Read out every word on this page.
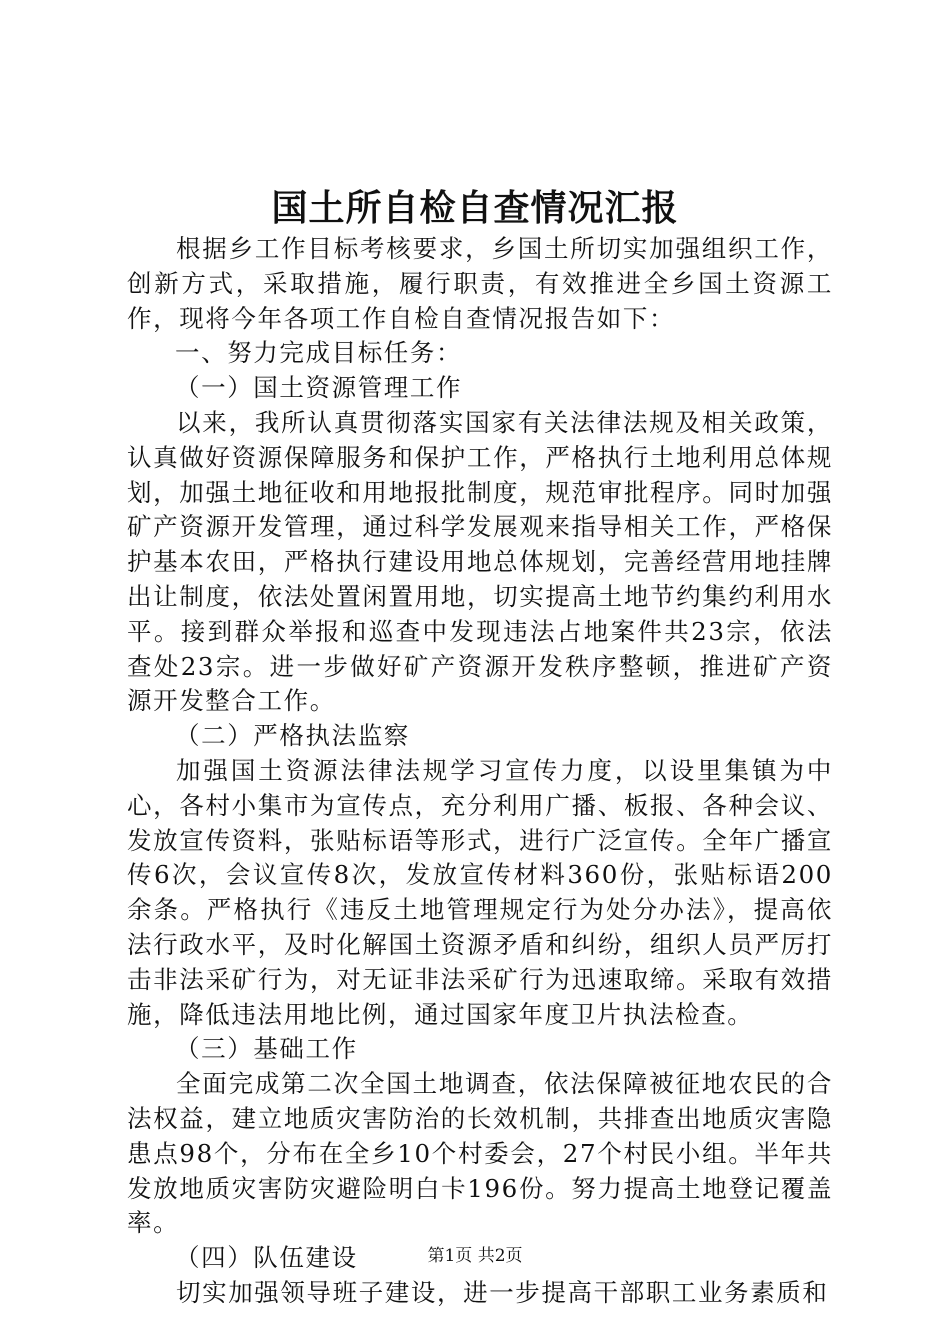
国土所自检自查情况汇报

根据乡工作目标考核要求，乡国土所切实加强组织工作，创新方式，采取措施，履行职责，有效推进全乡国土资源工作，现将今年各项工作自检自查情况报告如下：

一、努力完成目标任务：

（一）国土资源管理工作

以来，我所认真贯彻落实国家有关法律法规及相关政策，认真做好资源保障服务和保护工作，严格执行土地利用总体规划，加强土地征收和用地报批制度，规范审批程序。同时加强矿产资源开发管理，通过科学发展观来指导相关工作，严格保护基本农田，严格执行建设用地总体规划，完善经营用地挂牌出让制度，依法处置闲置用地，切实提高土地节约集约利用水平。接到群众举报和巡查中发现违法占地案件共23宗，依法查处23宗。进一步做好矿产资源开发秩序整顿，推进矿产资源开发整合工作。

（二）严格执法监察

加强国土资源法律法规学习宣传力度，以设里集镇为中心，各村小集市为宣传点，充分利用广播、板报、各种会议、发放宣传资料，张贴标语等形式，进行广泛宣传。全年广播宣传6次，会议宣传8次，发放宣传材料360份，张贴标语200余条。严格执行《违反土地管理规定行为处分办法》，提高依法行政水平，及时化解国土资源矛盾和纠纷，组织人员严厉打击非法采矿行为，对无证非法采矿行为迅速取缔。采取有效措施，降低违法用地比例，通过国家年度卫片执法检查。

（三）基础工作

全面完成第二次全国土地调查，依法保障被征地农民的合法权益，建立地质灾害防治的长效机制，共排查出地质灾害隐患点98个，分布在全乡10个村委会，27个村民小组。半年共发放地质灾害防灾避险明白卡196份。努力提高土地登记覆盖率。

（四）队伍建设

切实加强领导班子建设，进一步提高干部职工业务素质和

第1页 共2页
